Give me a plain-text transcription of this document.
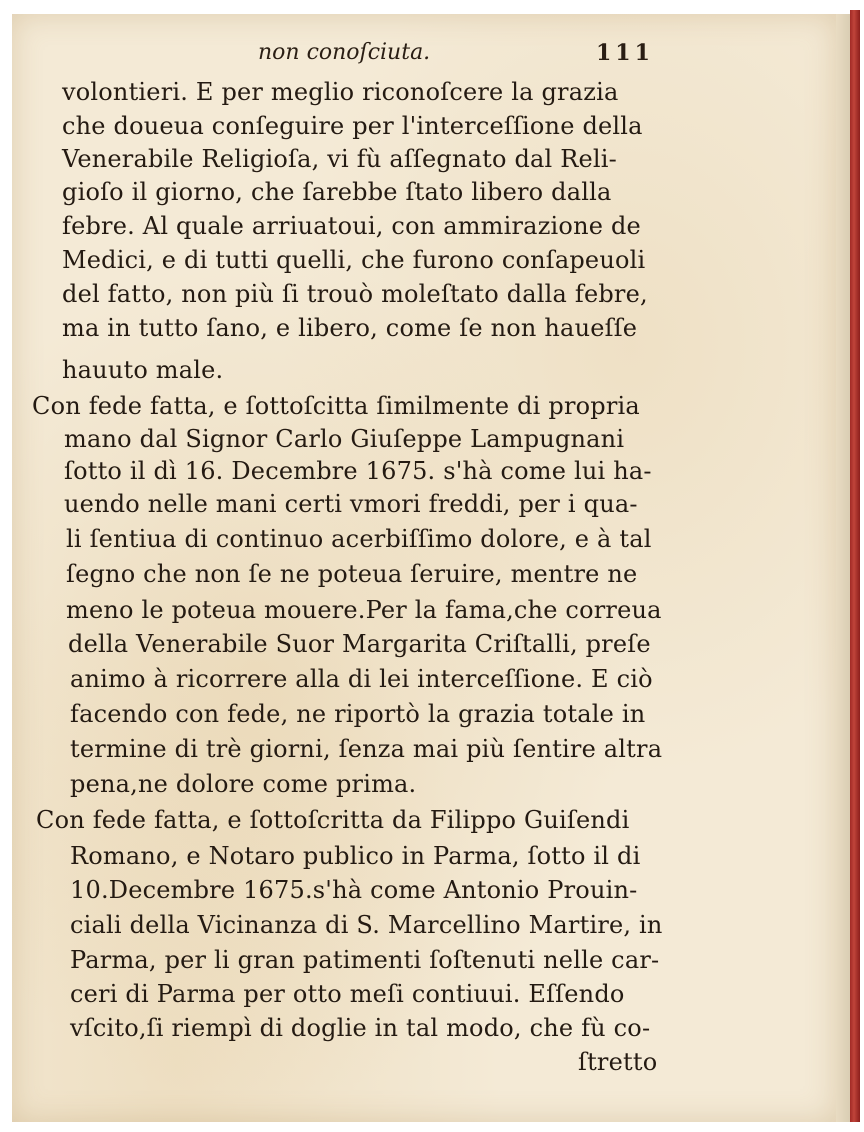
non conoſciuta.	111
volontieri. E per meglio riconoſcere la grazia
che doueua conſeguire per l'interceſſione della
Venerabile Religioſa, vi fù aſſegnato dal Reli-
gioſo il giorno, che ſarebbe ſtato libero dalla
febre. Al quale arriuatoui, con ammirazione de
Medici, e di tutti quelli, che furono conſapeuoli
del fatto, non più ſi trouò moleſtato dalla febre,
ma in tutto ſano, e libero, come ſe non haueſſe
hauuto male.
Con fede fatta, e ſottoſcitta ſimilmente di propria
mano dal Signor Carlo Giuſeppe Lampugnani
ſotto il dì 16. Decembre 1675. s'hà come lui ha-
uendo nelle mani certi vmori freddi, per i qua-
li ſentiua di continuo acerbiſſimo dolore, e à tal
ſegno che non ſe ne poteua ſeruire, mentre ne
meno le poteua mouere.Per la fama,che correua
della Venerabile Suor Margarita Criſtalli, preſe
animo à ricorrere alla di lei interceſſione. E ciò
facendo con fede, ne riportò la grazia totale in
termine di trè giorni, ſenza mai più ſentire altra
pena,ne dolore come prima.
Con fede fatta, e ſottoſcritta da Filippo Guiſendi
Romano, e Notaro publico in Parma, ſotto il di
10.Decembre 1675.s'hà come Antonio Prouin-
ciali della Vicinanza di S. Marcellino Martire, in
Parma, per li gran patimenti ſoſtenuti nelle car-
ceri di Parma per otto meſi contiuui. Eſſendo
vſcito,ſi riempì di doglie in tal modo, che fù co-
ſtretto
